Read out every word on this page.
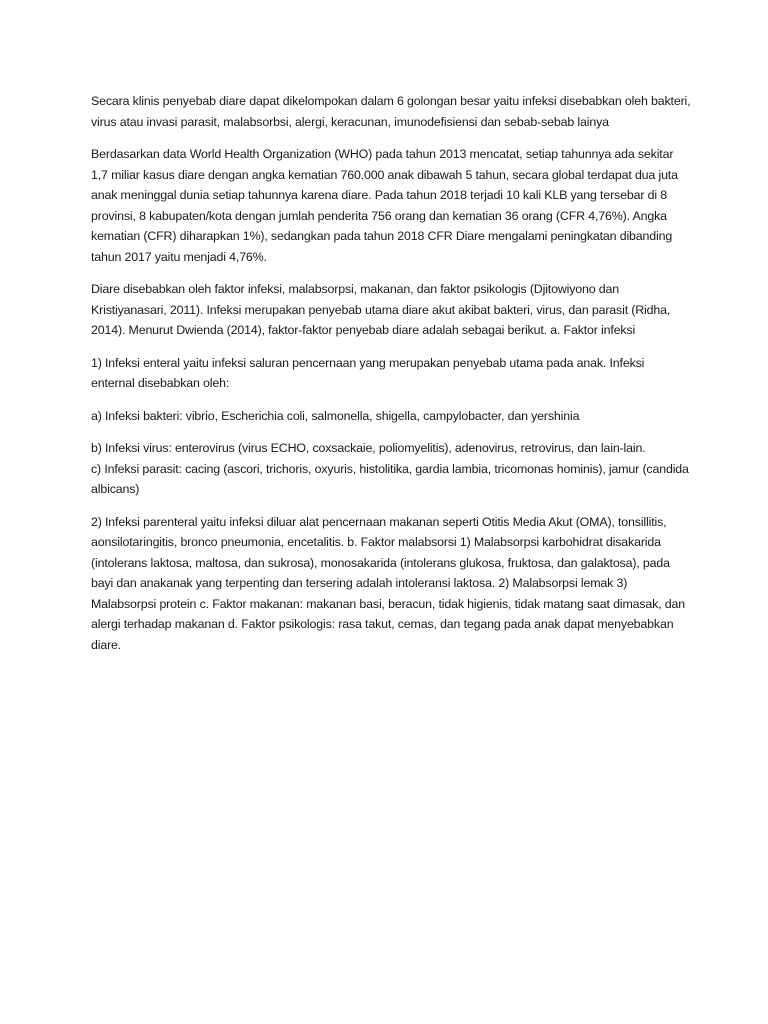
Secara klinis penyebab diare dapat dikelompokan dalam 6 golongan besar yaitu infeksi disebabkan oleh bakteri, virus atau invasi parasit, malabsorbsi, alergi, keracunan, imunodefisiensi dan sebab-sebab lainya

Berdasarkan data World Health Organization (WHO) pada tahun 2013 mencatat, setiap tahunnya ada sekitar 1,7 miliar kasus diare dengan angka kematian 760.000 anak dibawah 5 tahun, secara global terdapat dua juta anak meninggal dunia setiap tahunnya karena diare. Pada tahun 2018 terjadi 10 kali KLB yang tersebar di 8 provinsi, 8 kabupaten/kota dengan jumlah penderita 756 orang dan kematian 36 orang (CFR 4,76%). Angka kematian (CFR) diharapkan 1%), sedangkan pada tahun 2018 CFR Diare mengalami peningkatan dibanding tahun 2017 yaitu menjadi 4,76%.

Diare disebabkan oleh faktor infeksi, malabsorpsi, makanan, dan faktor psikologis (Djitowiyono dan Kristiyanasari, 2011). Infeksi merupakan penyebab utama diare akut akibat bakteri, virus, dan parasit (Ridha, 2014). Menurut Dwienda (2014), faktor-faktor penyebab diare adalah sebagai berikut. a. Faktor infeksi

1) Infeksi enteral yaitu infeksi saluran pencernaan yang merupakan penyebab utama pada anak. Infeksi enternal disebabkan oleh:

a) Infeksi bakteri: vibrio, Escherichia coli, salmonella, shigella, campylobacter, dan yershinia

b) Infeksi virus: enterovirus (virus ECHO, coxsackaie, poliomyelitis), adenovirus, retrovirus, dan lain-lain.

c) Infeksi parasit: cacing (ascori, trichoris, oxyuris, histolitika, gardia lambia, tricomonas hominis), jamur (candida albicans)

2) Infeksi parenteral yaitu infeksi diluar alat pencernaan makanan seperti Otitis Media Akut (OMA), tonsillitis, aonsilotaringitis, bronco pneumonia, encetalitis. b. Faktor malabsorsi 1) Malabsorpsi karbohidrat disakarida (intolerans laktosa, maltosa, dan sukrosa), monosakarida (intolerans glukosa, fruktosa, dan galaktosa), pada bayi dan anakanak yang terpenting dan tersering adalah intoleransi laktosa. 2) Malabsorpsi lemak 3) Malabsorpsi protein c. Faktor makanan: makanan basi, beracun, tidak higienis, tidak matang saat dimasak, dan alergi terhadap makanan d. Faktor psikologis: rasa takut, cemas, dan tegang pada anak dapat menyebabkan diare.
